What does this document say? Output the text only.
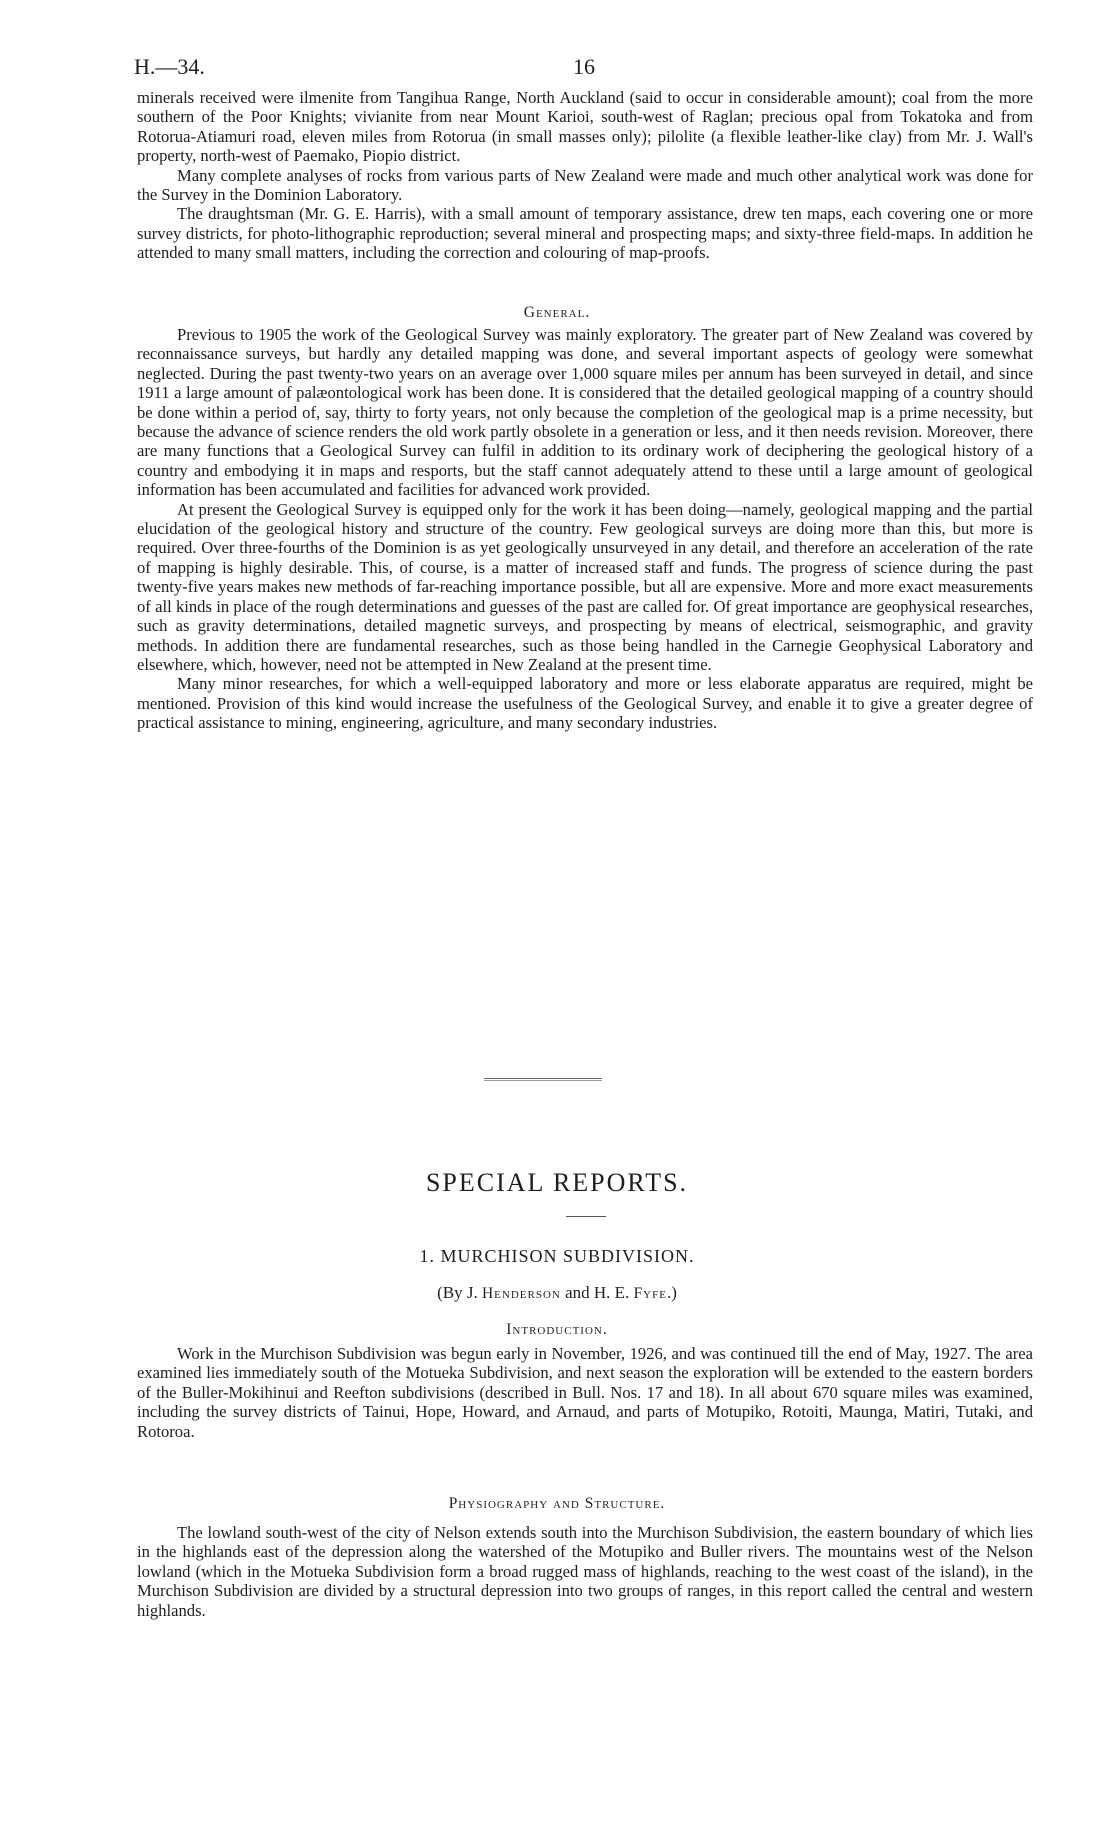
H.—34.	16

minerals received were ilmenite from Tangihua Range, North Auckland (said to occur in considerable amount); coal from the more southern of the Poor Knights; vivianite from near Mount Karioi, south-west of Raglan; precious opal from Tokatoka and from Rotorua-Atiamuri road, eleven miles from Rotorua (in small masses only); pilolite (a flexible leather-like clay) from Mr. J. Wall's property, north-west of Paemako, Piopio district.

Many complete analyses of rocks from various parts of New Zealand were made and much other analytical work was done for the Survey in the Dominion Laboratory.

The draughtsman (Mr. G. E. Harris), with a small amount of temporary assistance, drew ten maps, each covering one or more survey districts, for photo-lithographic reproduction; several mineral and prospecting maps; and sixty-three field-maps. In addition he attended to many small matters, including the correction and colouring of map-proofs.

General.

Previous to 1905 the work of the Geological Survey was mainly exploratory. The greater part of New Zealand was covered by reconnaissance surveys, but hardly any detailed mapping was done, and several important aspects of geology were somewhat neglected. During the past twenty-two years on an average over 1,000 square miles per annum has been surveyed in detail, and since 1911 a large amount of palæontological work has been done. It is considered that the detailed geological mapping of a country should be done within a period of, say, thirty to forty years, not only because the completion of the geological map is a prime necessity, but because the advance of science renders the old work partly obsolete in a generation or less, and it then needs revision. Moreover, there are many functions that a Geological Survey can fulfil in addition to its ordinary work of deciphering the geological history of a country and embodying it in maps and resports, but the staff cannot adequately attend to these until a large amount of geological information has been accumulated and facilities for advanced work provided.

At present the Geological Survey is equipped only for the work it has been doing—namely, geological mapping and the partial elucidation of the geological history and structure of the country. Few geological surveys are doing more than this, but more is required. Over three-fourths of the Dominion is as yet geologically unsurveyed in any detail, and therefore an acceleration of the rate of mapping is highly desirable. This, of course, is a matter of increased staff and funds. The progress of science during the past twenty-five years makes new methods of far-reaching importance possible, but all are expensive. More and more exact measurements of all kinds in place of the rough determinations and guesses of the past are called for. Of great importance are geophysical researches, such as gravity determinations, detailed magnetic surveys, and prospecting by means of electrical, seismographic, and gravity methods. In addition there are fundamental researches, such as those being handled in the Carnegie Geophysical Laboratory and elsewhere, which, however, need not be attempted in New Zealand at the present time.

Many minor researches, for which a well-equipped laboratory and more or less elaborate apparatus are required, might be mentioned. Provision of this kind would increase the usefulness of the Geological Survey, and enable it to give a greater degree of practical assistance to mining, engineering, agriculture, and many secondary industries.

SPECIAL REPORTS.
1. MURCHISON SUBDIVISION.
(By J. Henderson and H. E. Fyfe.)
Introduction.

Work in the Murchison Subdivision was begun early in November, 1926, and was continued till the end of May, 1927. The area examined lies immediately south of the Motueka Subdivision, and next season the exploration will be extended to the eastern borders of the Buller-Mokihinui and Reefton subdivisions (described in Bull. Nos. 17 and 18). In all about 670 square miles was examined, including the survey districts of Tainui, Hope, Howard, and Arnaud, and parts of Motupiko, Rotoiti, Maunga, Matiri, Tutaki, and Rotoroa.

Physiography and Structure.

The lowland south-west of the city of Nelson extends south into the Murchison Subdivision, the eastern boundary of which lies in the highlands east of the depression along the watershed of the Motupiko and Buller rivers. The mountains west of the Nelson lowland (which in the Motueka Subdivision form a broad rugged mass of highlands, reaching to the west coast of the island), in the Murchison Subdivision are divided by a structural depression into two groups of ranges, in this report called the central and western highlands.
